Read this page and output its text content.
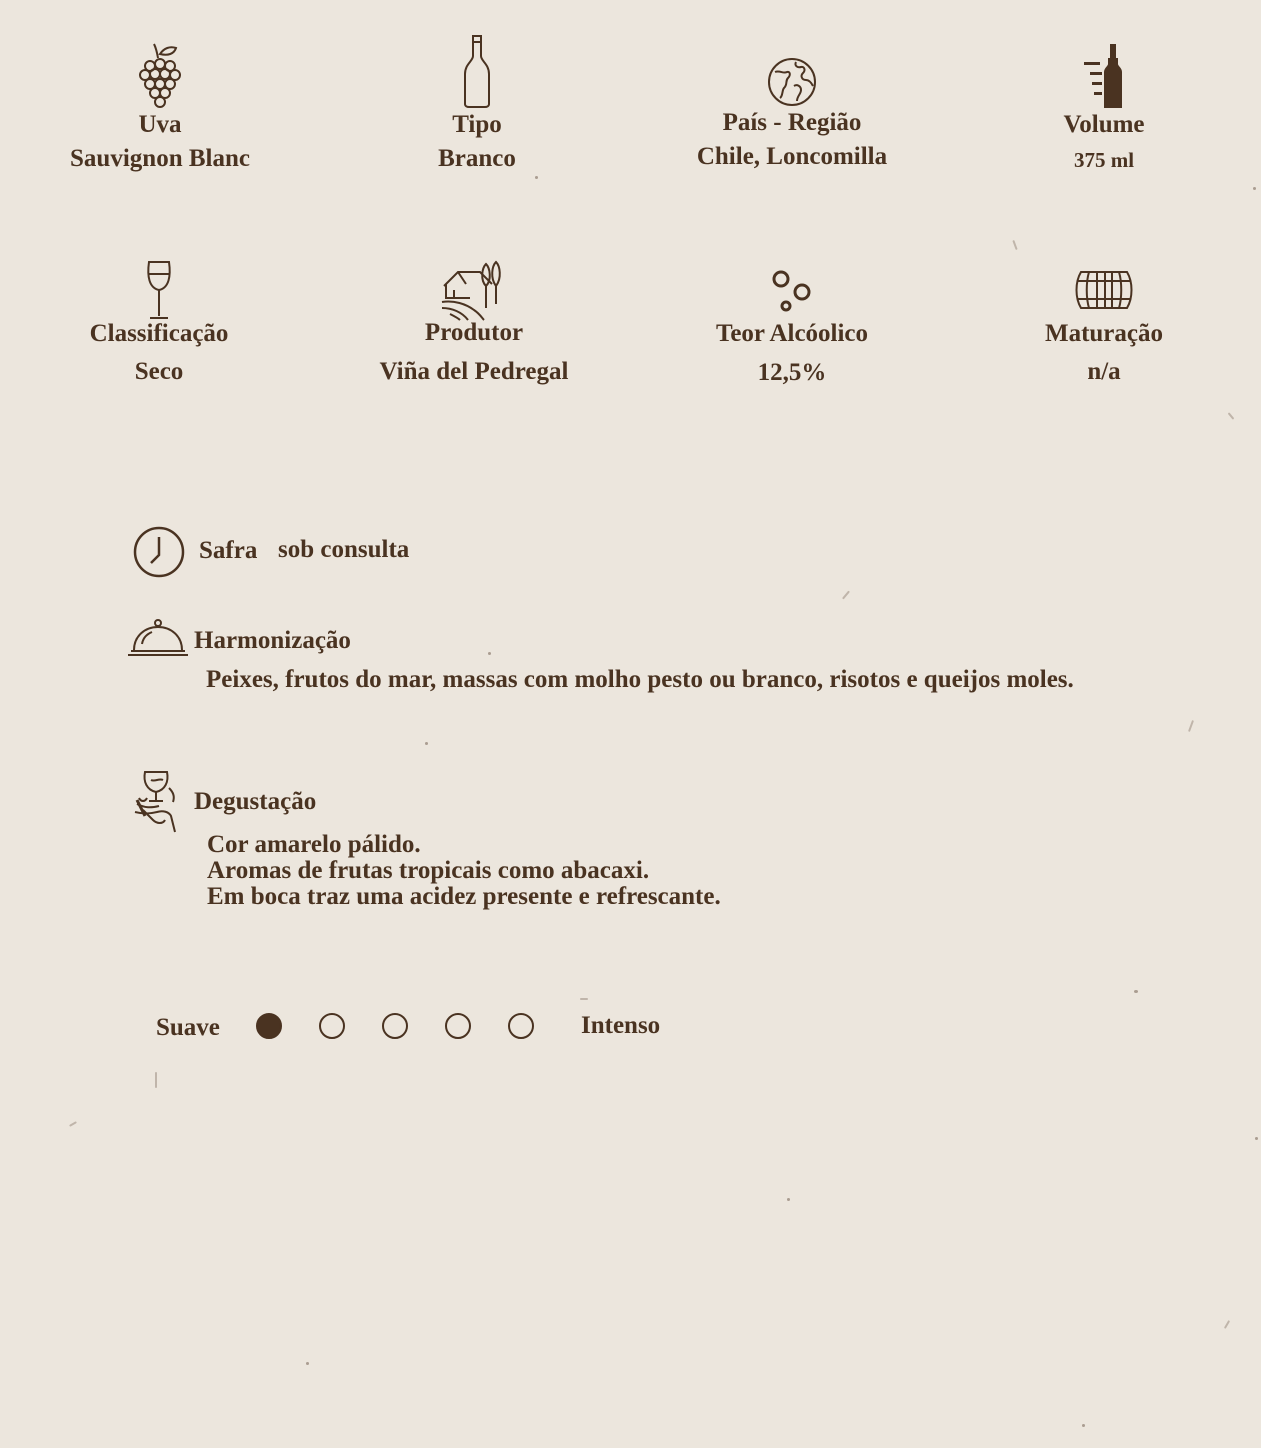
Uva
Sauvignon Blanc
Tipo
Branco
País - Região
Chile, Loncomilla
Volume
375 ml
Classificação
Seco
Produtor
Viña del Pedregal
Teor Alcóolico
12,5%
Maturação
n/a
Safra sob consulta
Harmonização
Peixes, frutos do mar, massas com molho pesto ou branco, risotos e queijos moles.
Degustação
Cor amarelo pálido.
Aromas de frutas tropicais como abacaxi.
Em boca traz uma acidez presente e refrescante.
Suave	Intenso
